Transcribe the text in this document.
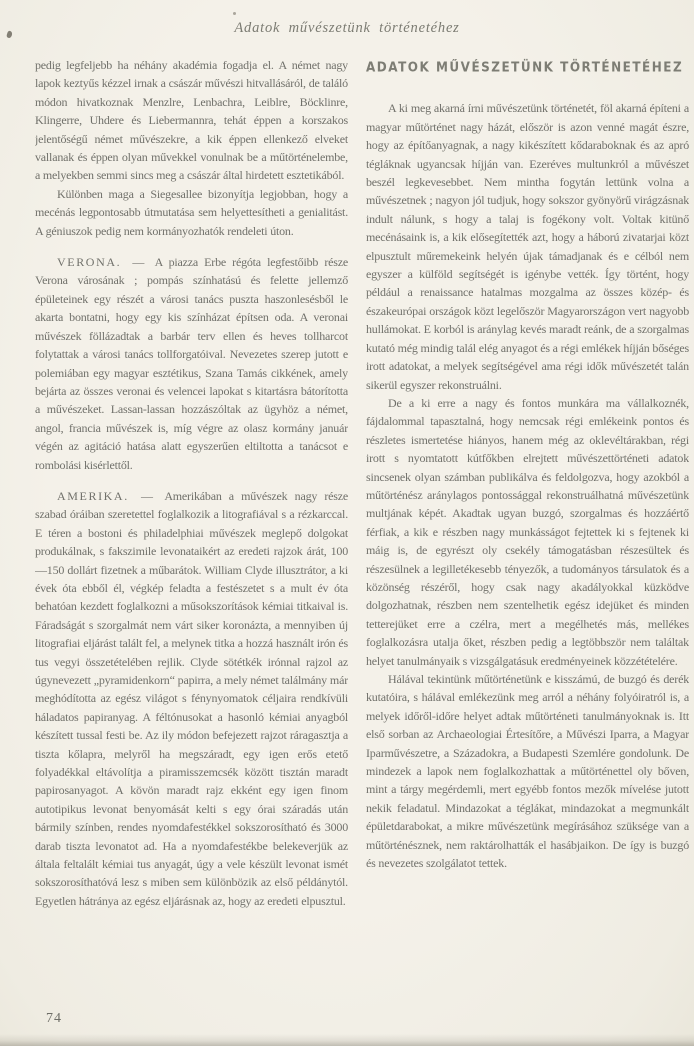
Adatok művészetünk történetéhez

pedig legfeljebb ha néhány akadémia fogadja el. A német nagy lapok keztyűs kézzel irnak a császár művészi hitvallásáról, de találó módon hivatkoznak Menzlre, Lenbachra, Leiblre, Böcklinre, Klingerre, Uhdere és Liebermannra, tehát éppen a korszakos jelentőségű német művészekre, a kik éppen ellenkező elveket vallanak és éppen olyan művekkel vonulnak be a műtörténelembe, a melyekben semmi sincs meg a császár által hirdetett esztetikából.

Különben maga a Siegesallee bizonyítja legjobban, hogy a mecénás legpontosabb útmutatása sem helyettesítheti a genialitást. A géniuszok pedig nem kormányozhatók rendeleti úton.

VERONA. — A piazza Erbe régóta legfestőibb része Verona városának ; pompás színhatású és felette jellemző épületeinek egy részét a városi tanács puszta haszonlesésből le akarta bontatni, hogy egy kis színházat építsen oda. A veronai művészek föllázadtak a barbár terv ellen és heves tollharcot folytattak a városi tanács tollforgatóival. Nevezetes szerep jutott e polemiában egy magyar esztétikus, Szana Tamás cikkének, amely bejárta az összes veronai és velencei lapokat s kitartásra bátorította a művészeket. Lassan-lassan hozzászóltak az ügyhöz a német, angol, francia művészek is, míg végre az olasz kormány január végén az agitáció hatása alatt egyszerűen eltiltotta a tanácsot e rombolási kisérlettől.

AMERIKA. — Amerikában a művészek nagy része szabad óráiban szeretettel foglalkozik a litografiával s a rézkarccal. E téren a bostoni és philadelphiai művészek meglepő dolgokat produkálnak, s fakszimile levonataikért az eredeti rajzok árát, 100—150 dollárt fizetnek a műbarátok. William Clyde illusztrátor, a ki évek óta ebből él, végkép feladta a festészetet s a mult év óta behatóan kezdett foglalkozni a műsokszorítások kémiai titkaival is. Fáradságát s szorgalmát nem várt siker koronázta, a mennyiben új litografiai eljárást talált fel, a melynek titka a hozzá használt irón és tus vegyi összetételében rejlik. Clyde sötétkék irónnal rajzol az úgynevezett „pyramidenkorn“ papirra, a mely német találmány már meghódította az egész világot s fénynyomatok céljaira rendkívüli háladatos papiranyag. A féltónusokat a hasonló kémiai anyagból készített tussal festi be. Az ily módon befejezett rajzot ráragasztja a tiszta kőlapra, melyről ha megszáradt, egy igen erős etető folyadékkal eltávolítja a piramisszemcsék között tisztán maradt papirosanyagot. A kövön maradt rajz ekként egy igen finom autotipikus levonat benyomását kelti s egy órai száradás után bármily színben, rendes nyomdafestékkel sokszorosítható és 3000 darab tiszta levonatot ad. Ha a nyomdafestékbe belekeverjük az általa feltalált kémiai tus anyagát, úgy a vele készült levonat ismét sokszorosíthatóvá lesz s miben sem különbözik az első példánytól. Egyetlen hátránya az egész eljárásnak az, hogy az eredeti elpusztul.

ADATOK MŰVÉSZETÜNK TÖRTÉNETÉHEZ

A ki meg akarná írni művészetünk történetét, föl akarná építeni a magyar műtörténet nagy házát, először is azon venné magát észre, hogy az építőanyagnak, a nagy kikészített kődaraboknak és az apró tégláknak ugyancsak híjján van. Ezeréves multunkról a művészet beszél legkevesebbet. Nem mintha fogytán lettünk volna a művészetnek ; nagyon jól tudjuk, hogy sokszor gyönyörű virágzásnak indult nálunk, s hogy a talaj is fogékony volt. Voltak kitünő mecénásaink is, a kik elősegítették azt, hogy a háború zivatarjai közt elpusztult műremekeink helyén újak támadjanak és e célból nem egyszer a külföld segítségét is igénybe vették. Így történt, hogy például a renaissance hatalmas mozgalma az összes közép- és északeurópai országok közt legelőször Magyarországon vert nagyobb hullámokat. E korból is aránylag kevés maradt reánk, de a szorgalmas kutató még mindig talál elég anyagot és a régi emlékek híjján bőséges irott adatokat, a melyek segítségével ama régi idők művészetét talán sikerül egyszer rekonstruálni.

De a ki erre a nagy és fontos munkára ma vállalkoznék, fájdalommal tapasztalná, hogy nemcsak régi emlékeink pontos és részletes ismertetése hiányos, hanem még az oklevéltárakban, régi irott s nyomtatott kútfőkben elrejtett művészettörténeti adatok sincsenek olyan számban publikálva és feldolgozva, hogy azokból a műtörténész aránylagos pontossággal rekonstruálhatná művészetünk multjának képét. Akadtak ugyan buzgó, szorgalmas és hozzáértő férfiak, a kik e részben nagy munkásságot fejtettek ki s fejtenek ki máig is, de egyrészt oly csekély támogatásban részesültek és részesülnek a legilletékesebb tényezők, a tudományos társulatok és a közönség részéről, hogy csak nagy akadályokkal küzködve dolgozhatnak, részben nem szentelhetik egész idejüket és minden tetterejüket erre a czélra, mert a megélhetés más, mellékes foglalkozásra utalja őket, részben pedig a legtöbbször nem találtak helyet tanulmányaik s vizsgálgatásuk eredményeinek közzétételére.

Hálával tekintünk műtörténetünk e kisszámú, de buzgó és derék kutatóira, s hálával emlékezünk meg arról a néhány folyóiratról is, a melyek időről-időre helyet adtak műtörténeti tanulmányoknak is. Itt első sorban az Archaeologiai Értesítőre, a Művészi Iparra, a Magyar Iparművészetre, a Századokra, a Budapesti Szemlére gondolunk. De mindezek a lapok nem foglalkozhattak a műtörténettel oly bőven, mint a tárgy megérdemli, mert egyébb fontos mezők mívelése jutott nekik feladatul. Mindazokat a téglákat, mindazokat a megmunkált épületdarabokat, a mikre művészetünk megírásához szüksége van a műtörténésznek, nem raktárolhatták el hasábjaikon. De így is buzgó és nevezetes szolgálatot tettek.

74
